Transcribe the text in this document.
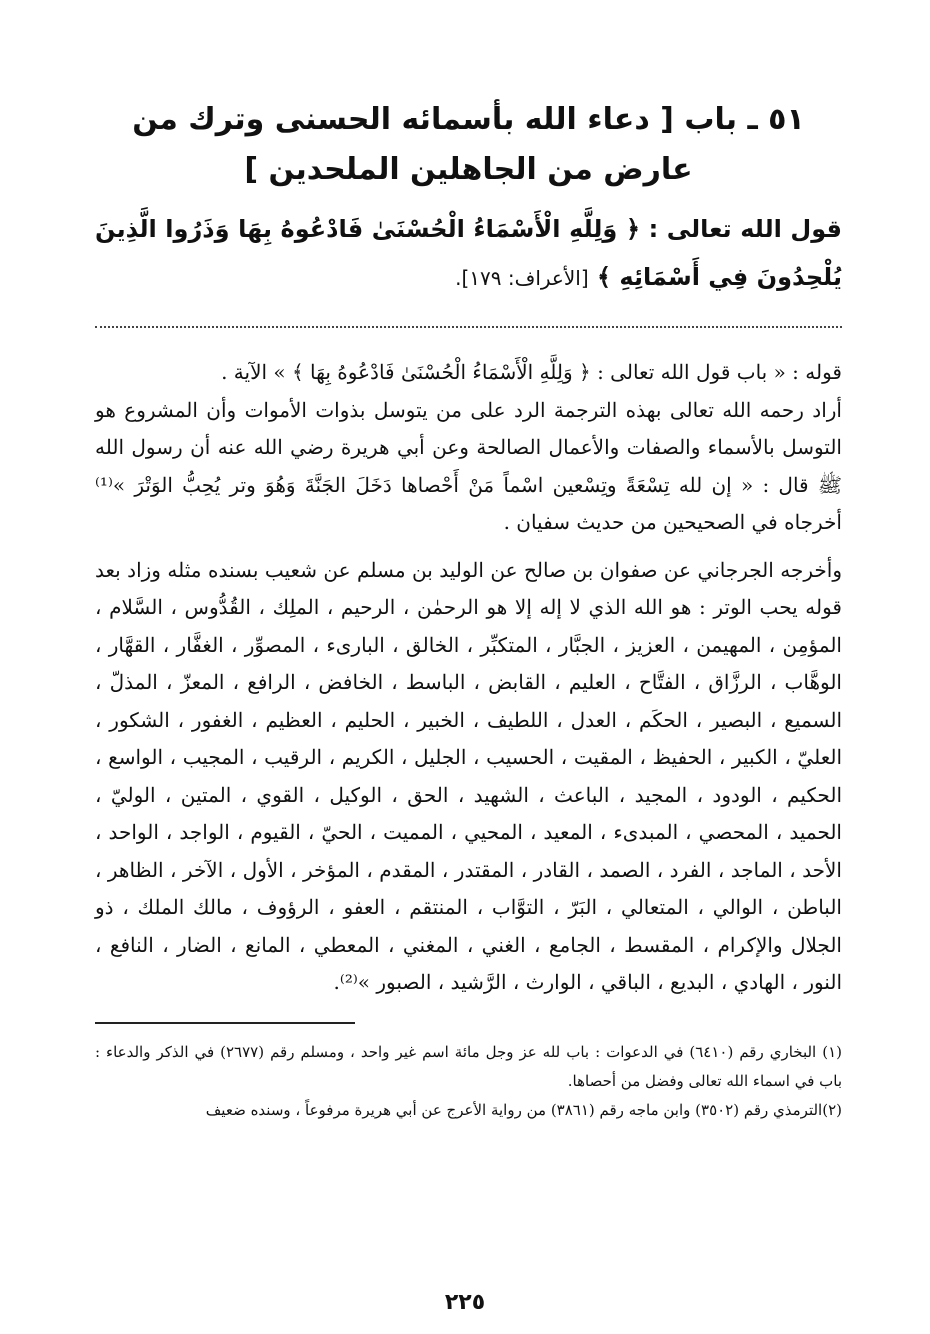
٥١ ـ باب [ دعاء الله بأسمائه الحسنى وترك من عارض من الجاهلين الملحدين ]

قول الله تعالى : ﴿ وَلِلَّهِ الْأَسْمَاءُ الْحُسْنَىٰ فَادْعُوهُ بِهَا وَذَرُوا الَّذِينَ يُلْحِدُونَ فِي أَسْمَائِهِ ﴾ [الأعراف: ١٧٩].

قوله : « باب قول الله تعالى : ﴿ وَلِلَّهِ الْأَسْمَاءُ الْحُسْنَىٰ فَادْعُوهُ بِهَا ﴾ » الآية .

أراد رحمه الله تعالى بهذه الترجمة الرد على من يتوسل بذوات الأموات وأن المشروع هو التوسل بالأسماء والصفات والأعمال الصالحة وعن أبي هريرة رضي الله عنه أن رسول الله ﷺ قال : « إن لله تِسْعَةً وتِسْعين اسْماً مَنْ أَحْصاها دَخَلَ الجَنَّةَ وَهُوَ وتر يُحِبُّ الوَتْرَ »⁽¹⁾ أخرجاه في الصحيحين من حديث سفيان .

وأخرجه الجرجاني عن صفوان بن صالح عن الوليد بن مسلم عن شعيب بسنده مثله وزاد بعد قوله يحب الوتر : هو الله الذي لا إله إلا هو الرحمٰن ، الرحيم ، الملِك ، القُدُّوس ، السَّلام ، المؤمِن ، المهيمن ، العزيز ، الجبَّار ، المتكبِّر ، الخالق ، البارىء ، المصوِّر ، الغفَّار ، القهَّار ، الوهَّاب ، الرزَّاق ، الفتَّاح ، العليم ، القابض ، الباسط ، الخافض ، الرافع ، المعزّ ، المذلّ ، السميع ، البصير ، الحكَم ، العدل ، اللطيف ، الخبير ، الحليم ، العظيم ، الغفور ، الشكور ، العليّ ، الكبير ، الحفيظ ، المقيت ، الحسيب ، الجليل ، الكريم ، الرقيب ، المجيب ، الواسع ، الحكيم ، الودود ، المجيد ، الباعث ، الشهيد ، الحق ، الوكيل ، القوي ، المتين ، الوليّ ، الحميد ، المحصي ، المبدىء ، المعيد ، المحيي ، المميت ، الحيّ ، القيوم ، الواجد ، الواحد ، الأحد ، الماجد ، الفرد ، الصمد ، القادر ، المقتدر ، المقدم ، المؤخر ، الأول ، الآخر ، الظاهر ، الباطن ، الوالي ، المتعالي ، البَرّ ، التوَّاب ، المنتقم ، العفو ، الرؤوف ، مالك الملك ، ذو الجلال والإكرام ، المقسط ، الجامع ، الغني ، المغني ، المعطي ، المانع ، الضار ، النافع ، النور ، الهادي ، البديع ، الباقي ، الوارث ، الرَّشيد ، الصبور »⁽²⁾.

(١) البخاري رقم (٦٤١٠) في الدعوات : باب لله عز وجل مائة اسم غير واحد ، ومسلم رقم (٢٦٧٧) في الذكر والدعاء : باب في اسماء الله تعالى وفضل من أحصاها.

(٢)الترمذي رقم (٣٥٠٢) وابن ماجه رقم (٣٨٦١) من رواية الأعرج عن أبي هريرة مرفوعاً ، وسنده ضعيف

٢٢٥
